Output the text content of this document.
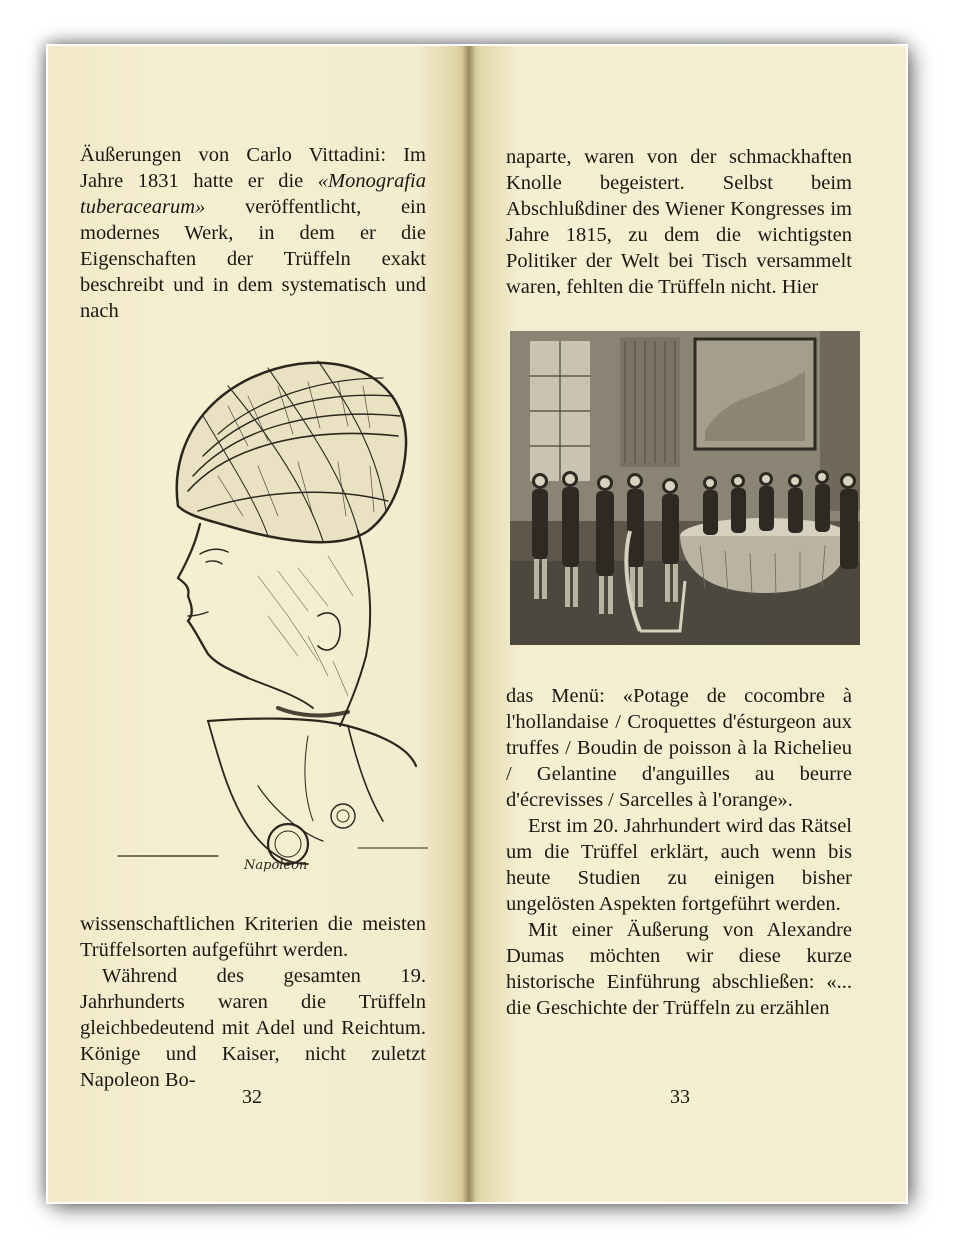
Äußerungen von Carlo Vittadini: Im Jahre 1831 hatte er die «Monografia tuberacearum» veröffentlicht, ein modernes Werk, in dem er die Eigenschaften der Trüffeln exakt beschreibt und in dem systematisch und nach

Napoleon

wissenschaftlichen Kriterien die meisten Trüffelsorten aufgeführt werden.

Während des gesamten 19. Jahrhunderts waren die Trüffeln gleichbedeutend mit Adel und Reichtum. Könige und Kaiser, nicht zuletzt Napoleon Bo-

32

naparte, waren von der schmackhaften Knolle begeistert. Selbst beim Abschlußdiner des Wiener Kongresses im Jahre 1815, zu dem die wichtigsten Politiker der Welt bei Tisch versammelt waren, fehlten die Trüffeln nicht. Hier

das Menü: «Potage de cocombre à l'hollandaise / Croquettes d'ésturgeon aux truffes / Boudin de poisson à la Richelieu / Gelantine d'anguilles au beurre d'écrevisses / Sarcelles à l'orange».

Erst im 20. Jahrhundert wird das Rätsel um die Trüffel erklärt, auch wenn bis heute Studien zu einigen bisher ungelösten Aspekten fortgeführt werden.

Mit einer Äußerung von Alexandre Dumas möchten wir diese kurze historische Einführung abschließen: «... die Geschichte der Trüffeln zu erzählen

33
